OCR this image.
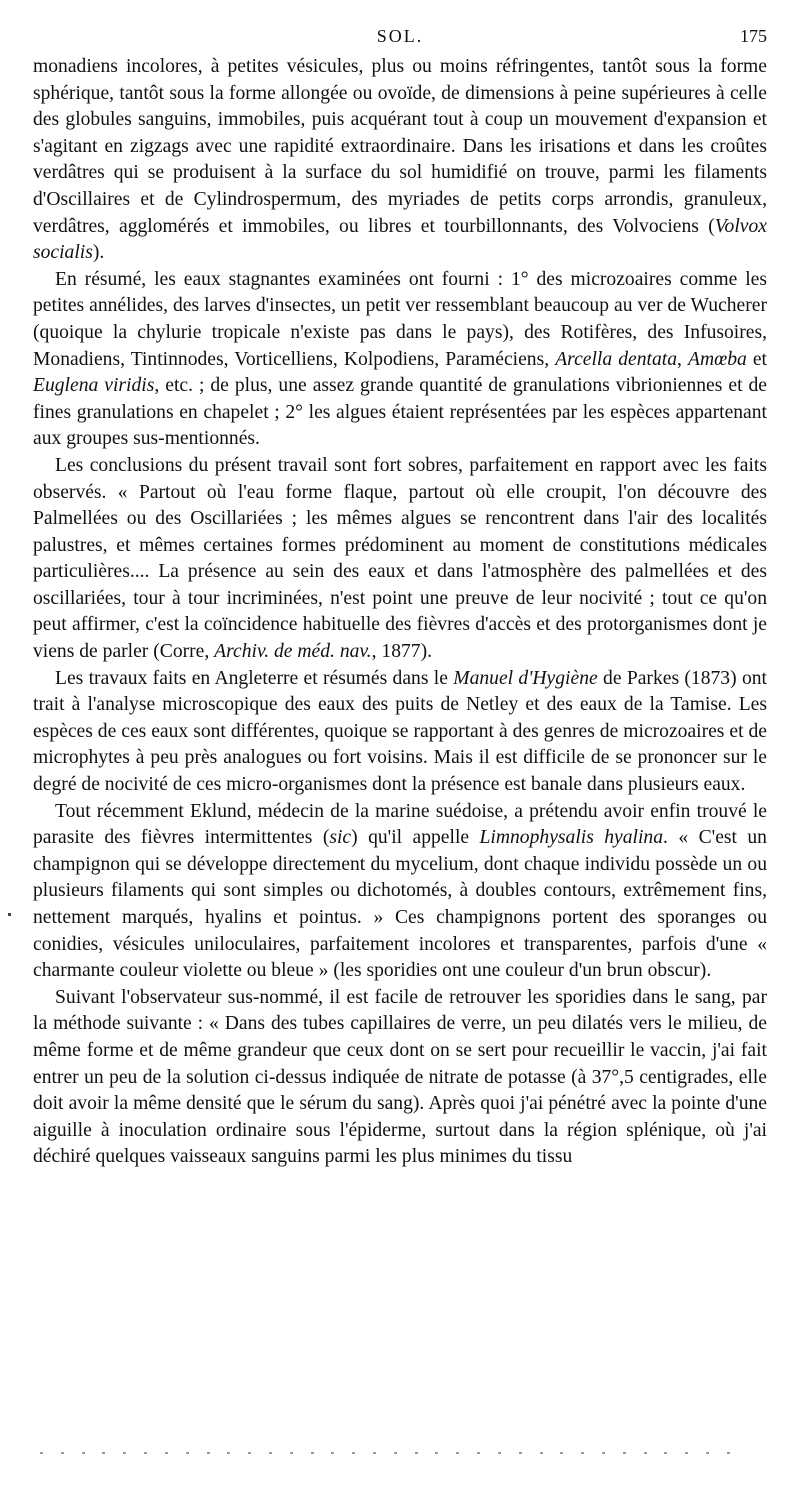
SOL.	175

monadiens incolores, à petites vésicules, plus ou moins réfringentes, tantôt sous la forme sphérique, tantôt sous la forme allongée ou ovoïde, de dimensions à peine supérieures à celle des globules sanguins, immobiles, puis acquérant tout à coup un mouvement d'expansion et s'agitant en zigzags avec une rapidité extraordinaire. Dans les irisations et dans les croûtes verdâtres qui se produisent à la surface du sol humidifié on trouve, parmi les filaments d'Oscillaires et de Cylindrospermum, des myriades de petits corps arrondis, granuleux, verdâtres, agglomérés et immobiles, ou libres et tourbillonnants, des Volvociens (Volvox socialis).

En résumé, les eaux stagnantes examinées ont fourni : 1° des microzoaires comme les petites annélides, des larves d'insectes, un petit ver ressemblant beaucoup au ver de Wucherer (quoique la chylurie tropicale n'existe pas dans le pays), des Rotifères, des Infusoires, Monadiens, Tintinnodes, Vorticelliens, Kolpodiens, Paraméciens, Arcella dentata, Amœba et Euglena viridis, etc. ; de plus, une assez grande quantité de granulations vibrioniennes et de fines granulations en chapelet ; 2° les algues étaient représentées par les espèces appartenant aux groupes sus-mentionnés.

Les conclusions du présent travail sont fort sobres, parfaitement en rapport avec les faits observés. « Partout où l'eau forme flaque, partout où elle croupit, l'on découvre des Palmellées ou des Oscillariées ; les mêmes algues se rencontrent dans l'air des localités palustres, et mêmes certaines formes prédominent au moment de constitutions médicales particulières.... La présence au sein des eaux et dans l'atmosphère des palmellées et des oscillariées, tour à tour incriminées, n'est point une preuve de leur nocivité ; tout ce qu'on peut affirmer, c'est la coïncidence habituelle des fièvres d'accès et des protorganismes dont je viens de parler (Corre, Archiv. de méd. nav., 1877).

Les travaux faits en Angleterre et résumés dans le Manuel d'Hygiène de Parkes (1873) ont trait à l'analyse microscopique des eaux des puits de Netley et des eaux de la Tamise. Les espèces de ces eaux sont différentes, quoique se rapportant à des genres de microzoaires et de microphytes à peu près analogues ou fort voisins. Mais il est difficile de se prononcer sur le degré de nocivité de ces micro-organismes dont la présence est banale dans plusieurs eaux.

Tout récemment Eklund, médecin de la marine suédoise, a prétendu avoir enfin trouvé le parasite des fièvres intermittentes (sic) qu'il appelle Limnophysalis hyalina. « C'est un champignon qui se développe directement du mycelium, dont chaque individu possède un ou plusieurs filaments qui sont simples ou dichotomés, à doubles contours, extrêmement fins, nettement marqués, hyalins et pointus. » Ces champignons portent des sporanges ou conidies, vésicules uniloculaires, parfaitement incolores et transparentes, parfois d'une « charmante couleur violette ou bleue » (les sporidies ont une couleur d'un brun obscur).

Suivant l'observateur sus-nommé, il est facile de retrouver les sporidies dans le sang, par la méthode suivante : « Dans des tubes capillaires de verre, un peu dilatés vers le milieu, de même forme et de même grandeur que ceux dont on se sert pour recueillir le vaccin, j'ai fait entrer un peu de la solution ci-dessus indiquée de nitrate de potasse (à 37°,5 centigrades, elle doit avoir la même densité que le sérum du sang). Après quoi j'ai pénétré avec la pointe d'une aiguille à inoculation ordinaire sous l'épiderme, surtout dans la région splénique, où j'ai déchiré quelques vaisseaux sanguins parmi les plus minimes du tissu
